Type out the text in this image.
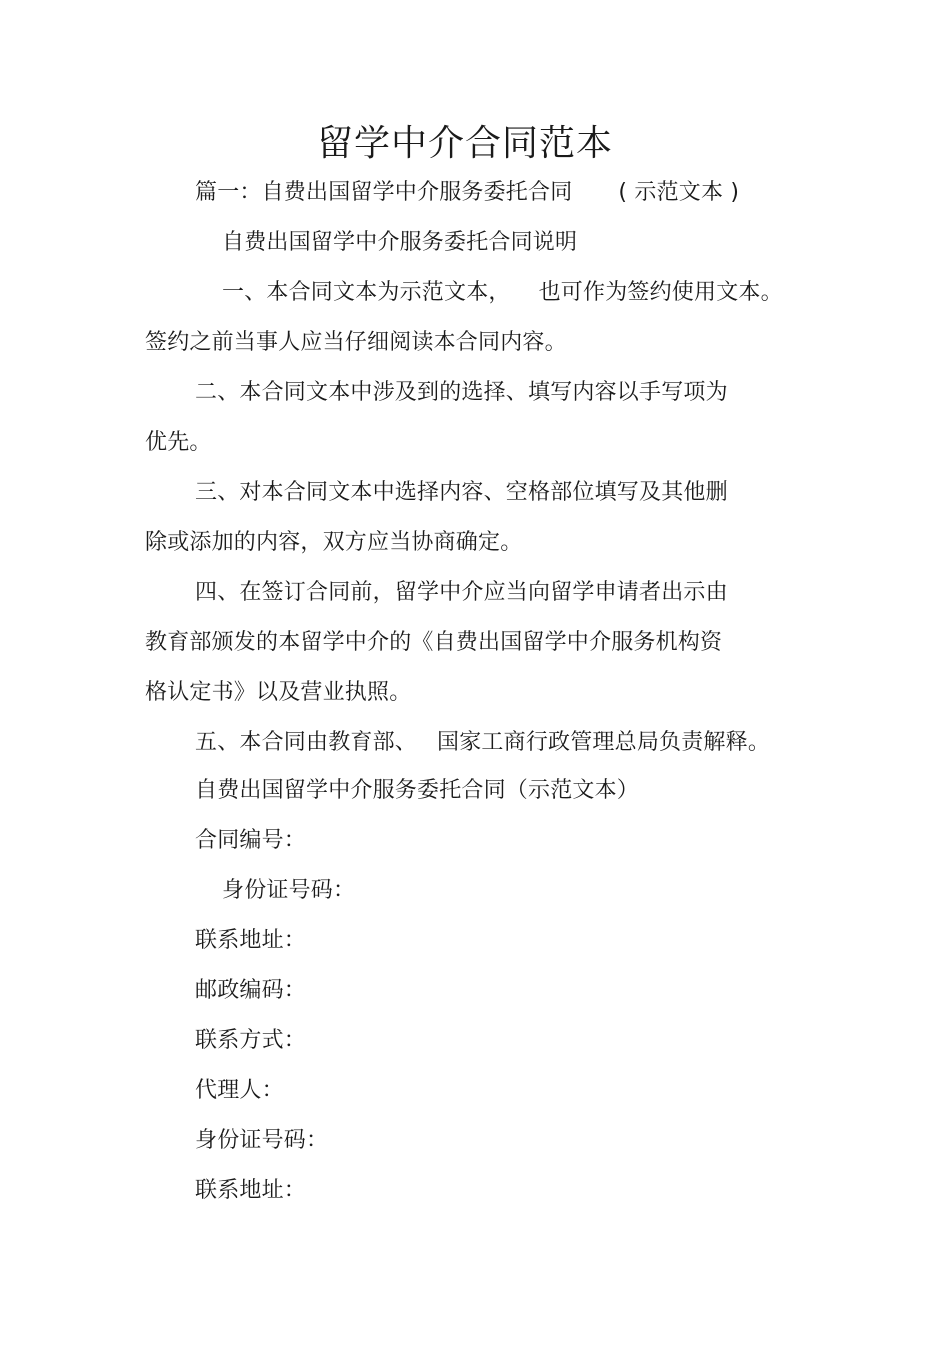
留学中介合同范本
篇一：自费出国留学中介服务委托合同 ( 示范文本 )
自费出国留学中介服务委托合同说明
一、本合同文本为示范文本， 也可作为签约使用文本。
签约之前当事人应当仔细阅读本合同内容。
二、本合同文本中涉及到的选择、填写内容以手写项为
优先。
三、对本合同文本中选择内容、空格部位填写及其他删
除或添加的内容，双方应当协商确定。
四、在签订合同前，留学中介应当向留学申请者出示由
教育部颁发的本留学中介的《自费出国留学中介服务机构资
格认定书》以及营业执照。
五、本合同由教育部、 国家工商行政管理总局负责解释。
自费出国留学中介服务委托合同（示范文本）
合同编号：
身份证号码：
联系地址：
邮政编码：
联系方式：
代理人：
身份证号码：
联系地址：
